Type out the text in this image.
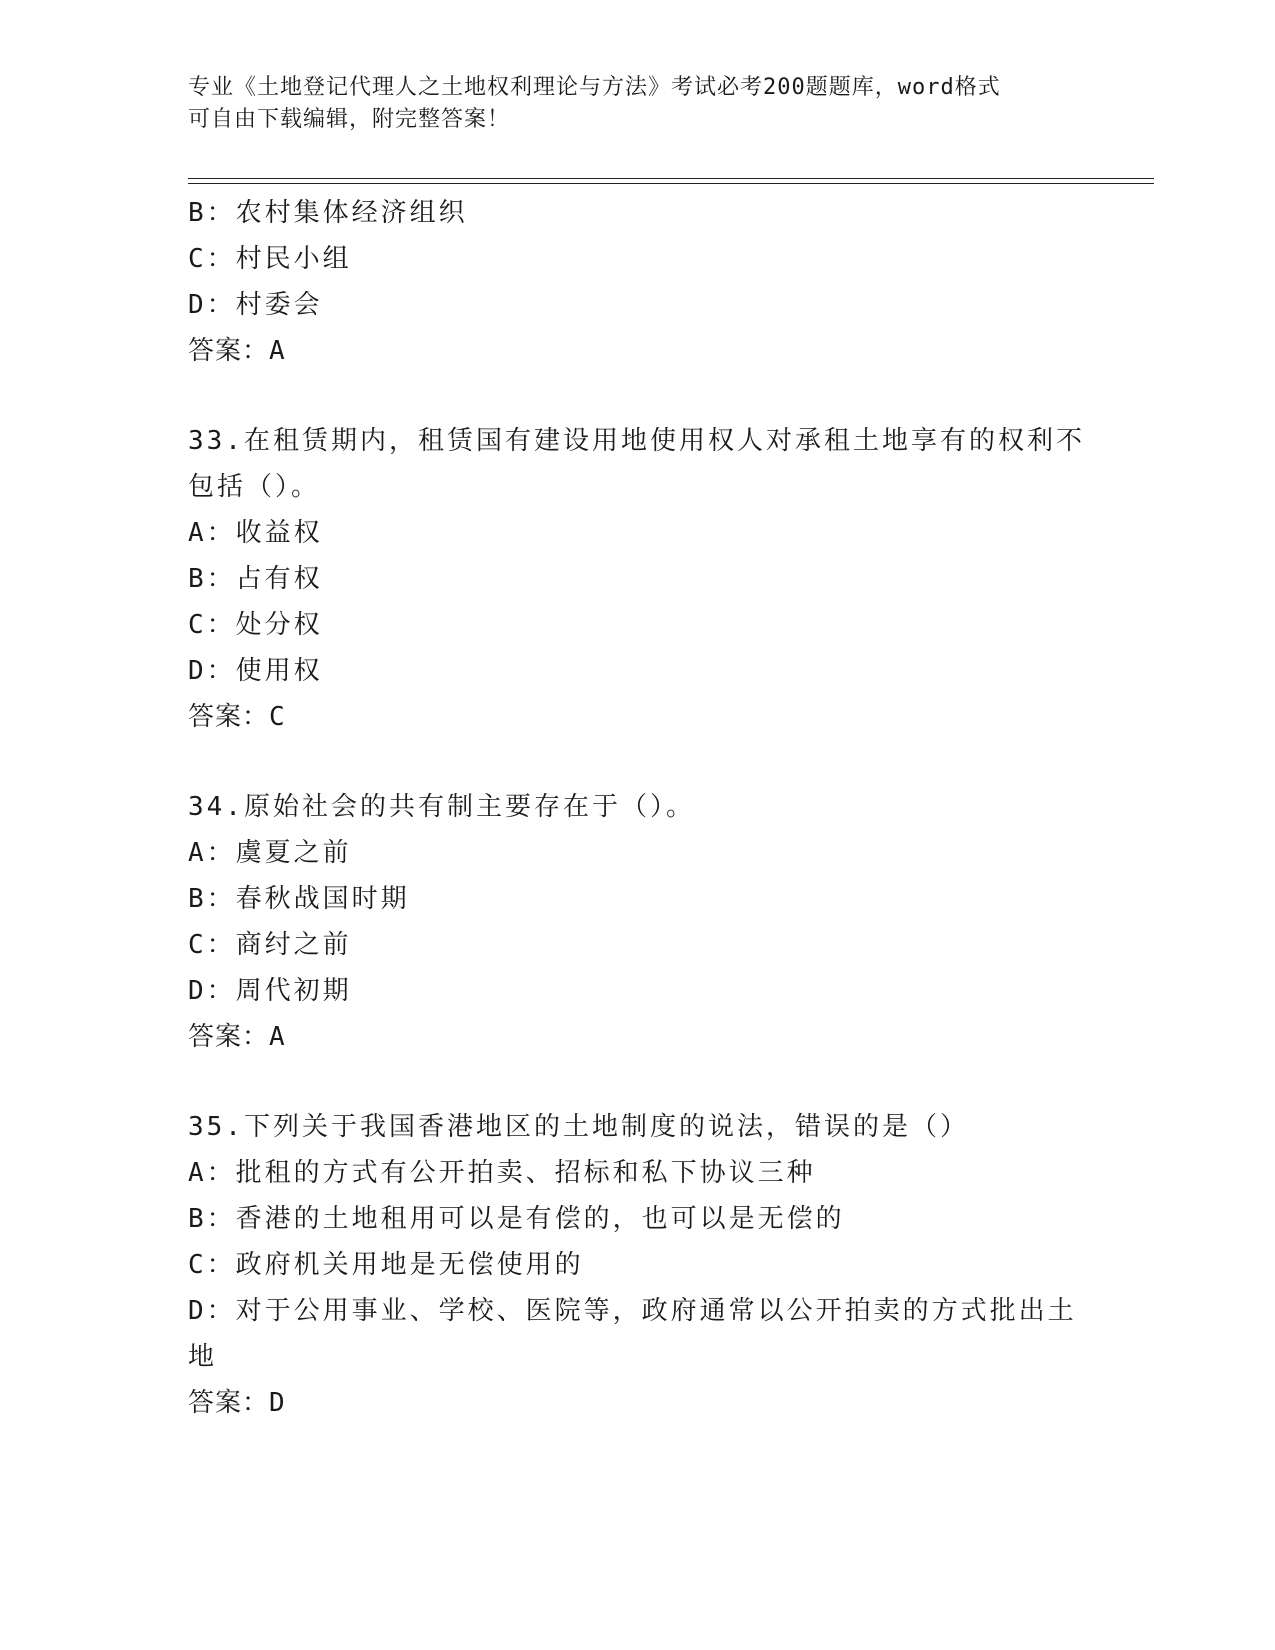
专业《土地登记代理人之土地权利理论与方法》考试必考200题题库，word格式
可自由下载编辑，附完整答案！
B：农村集体经济组织
C：村民小组
D：村委会
答案：A
33.在租赁期内，租赁国有建设用地使用权人对承租土地享有的权利不
包括（）。
A：收益权
B：占有权
C：处分权
D：使用权
答案：C
34.原始社会的共有制主要存在于（）。
A：虞夏之前
B：春秋战国时期
C：商纣之前
D：周代初期
答案：A
35.下列关于我国香港地区的土地制度的说法，错误的是（）
A：批租的方式有公开拍卖、招标和私下协议三种
B：香港的土地租用可以是有偿的，也可以是无偿的
C：政府机关用地是无偿使用的
D：对于公用事业、学校、医院等，政府通常以公开拍卖的方式批出土
地
答案：D
